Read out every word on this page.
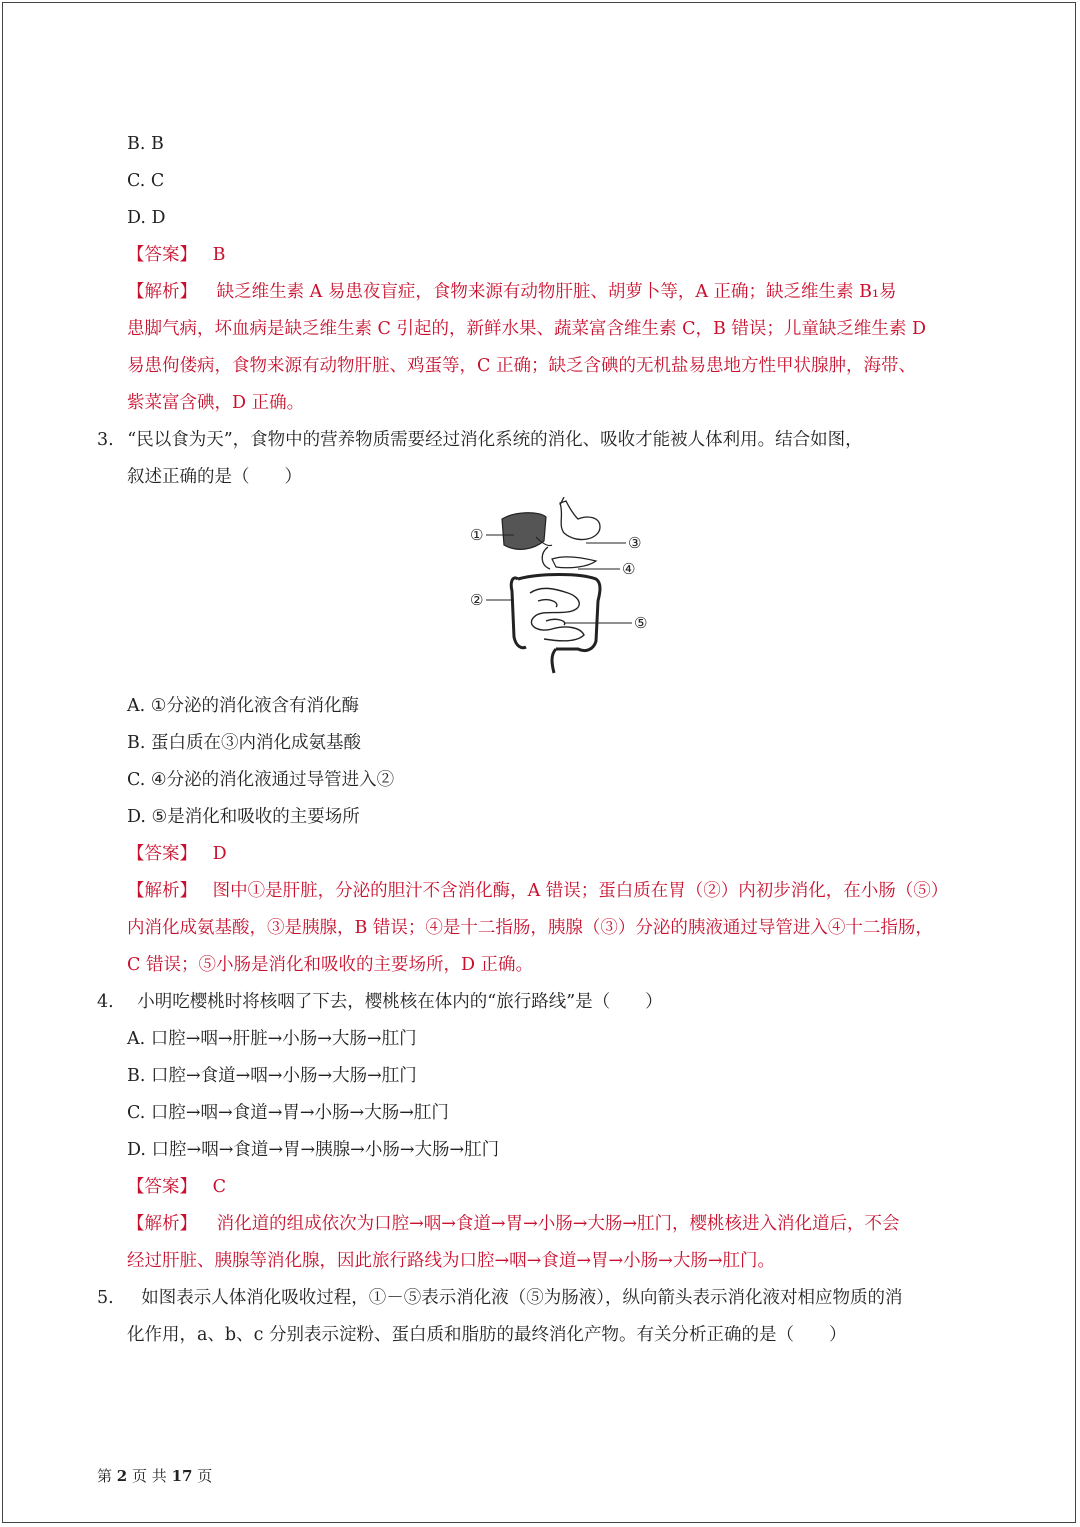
B. B
C. C
D. D
【答案】 B
【解析】 缺乏维生素 A 易患夜盲症，食物来源有动物肝脏、胡萝卜等，A 正确；缺乏维生素 B₁易
患脚气病，坏血病是缺乏维生素 C 引起的，新鲜水果、蔬菜富含维生素 C，B 错误；儿童缺乏维生素 D
易患佝偻病，食物来源有动物肝脏、鸡蛋等，C 正确；缺乏含碘的无机盐易患地方性甲状腺肿，海带、
紫菜富含碘，D 正确。
3. “民以食为天”，食物中的营养物质需要经过消化系统的消化、吸收才能被人体利用。结合如图，
叙述正确的是（　　）
①
②
③
④
⑤
A. ①分泌的消化液含有消化酶
B. 蛋白质在③内消化成氨基酸
C. ④分泌的消化液通过导管进入②
D. ⑤是消化和吸收的主要场所
【答案】 D
【解析】 图中①是肝脏，分泌的胆汁不含消化酶，A 错误；蛋白质在胃（②）内初步消化，在小肠（⑤）
内消化成氨基酸，③是胰腺，B 错误；④是十二指肠，胰腺（③）分泌的胰液通过导管进入④十二指肠，
C 错误；⑤小肠是消化和吸收的主要场所，D 正确。
4. 小明吃樱桃时将核咽了下去，樱桃核在体内的“旅行路线”是（　　）
A. 口腔→咽→肝脏→小肠→大肠→肛门
B. 口腔→食道→咽→小肠→大肠→肛门
C. 口腔→咽→食道→胃→小肠→大肠→肛门
D. 口腔→咽→食道→胃→胰腺→小肠→大肠→肛门
【答案】 C
【解析】 消化道的组成依次为口腔→咽→食道→胃→小肠→大肠→肛门，樱桃核进入消化道后，不会
经过肝脏、胰腺等消化腺，因此旅行路线为口腔→咽→食道→胃→小肠→大肠→肛门。
5. 如图表示人体消化吸收过程，①－⑤表示消化液（⑤为肠液），纵向箭头表示消化液对相应物质的消
化作用，a、b、c 分别表示淀粉、蛋白质和脂肪的最终消化产物。有关分析正确的是（　　）
第 2 页 共 17 页
